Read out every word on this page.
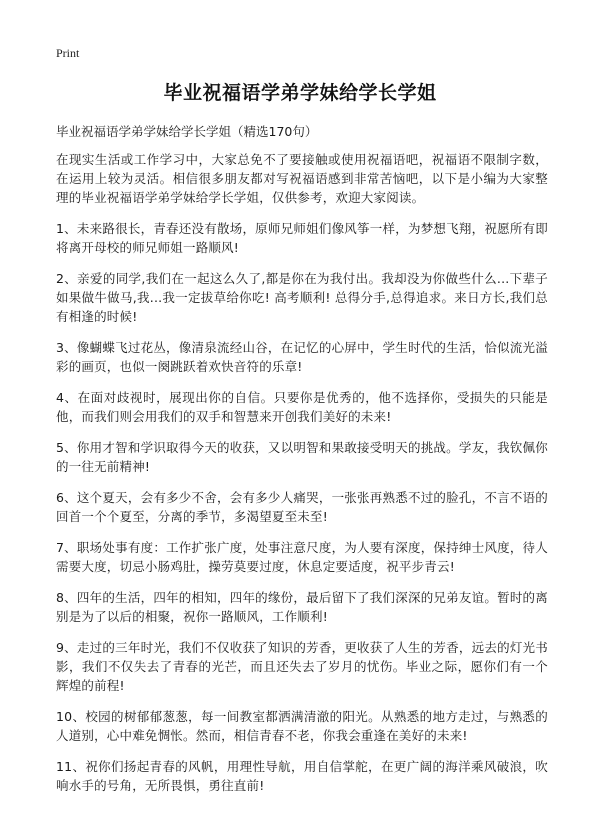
Print
毕业祝福语学弟学妹给学长学姐
毕业祝福语学弟学妹给学长学姐（精选170句）

在现实生活或工作学习中，大家总免不了要接触或使用祝福语吧，祝福语不限制字数，在运用上较为灵活。相信很多朋友都对写祝福语感到非常苦恼吧，以下是小编为大家整理的毕业祝福语学弟学妹给学长学姐，仅供参考，欢迎大家阅读。

1、未来路很长，青春还没有散场，原师兄师姐们像风筝一样，为梦想飞翔，祝愿所有即将离开母校的师兄师姐一路顺风!

2、亲爱的同学,我们在一起这么久了,都是你在为我付出。我却没为你做些什么...下辈子如果做牛做马,我...我一定拔草给你吃! 高考顺利! 总得分手,总得追求。来日方长,我们总有相逢的时候!

3、像蝴蝶飞过花丛，像清泉流经山谷，在记忆的心屏中，学生时代的生活，恰似流光溢彩的画页，也似一阕跳跃着欢快音符的乐章!

4、在面对歧视时，展现出你的自信。只要你是优秀的，他不选择你，受损失的只能是他，而我们则会用我们的双手和智慧来开创我们美好的未来!

5、你用才智和学识取得今天的收获，又以明智和果敢接受明天的挑战。学友，我钦佩你的一往无前精神!

6、这个夏天，会有多少不舍，会有多少人痛哭，一张张再熟悉不过的脸孔，不言不语的回首一个个夏至，分离的季节，多渴望夏至未至!

7、职场处事有度：工作扩张广度，处事注意尺度，为人要有深度，保持绅士风度，待人需要大度，切忌小肠鸡肚，操劳莫要过度，休息定要适度，祝平步青云!

8、四年的生活，四年的相知，四年的缘份，最后留下了我们深深的兄弟友谊。暂时的离别是为了以后的相聚，祝你一路顺风，工作顺利!

9、走过的三年时光，我们不仅收获了知识的芳香，更收获了人生的芳香，远去的灯光书影，我们不仅失去了青春的光芒，而且还失去了岁月的忧伤。毕业之际，愿你们有一个辉煌的前程!

10、校园的树郁郁葱葱，每一间教室都洒满清澈的阳光。从熟悉的地方走过，与熟悉的人道别，心中难免惆怅。然而，相信青春不老，你我会重逢在美好的未来!

11、祝你们扬起青春的风帆，用理性导航，用自信掌舵，在更广阔的海洋乘风破浪，吹响水手的号角，无所畏惧，勇往直前!
